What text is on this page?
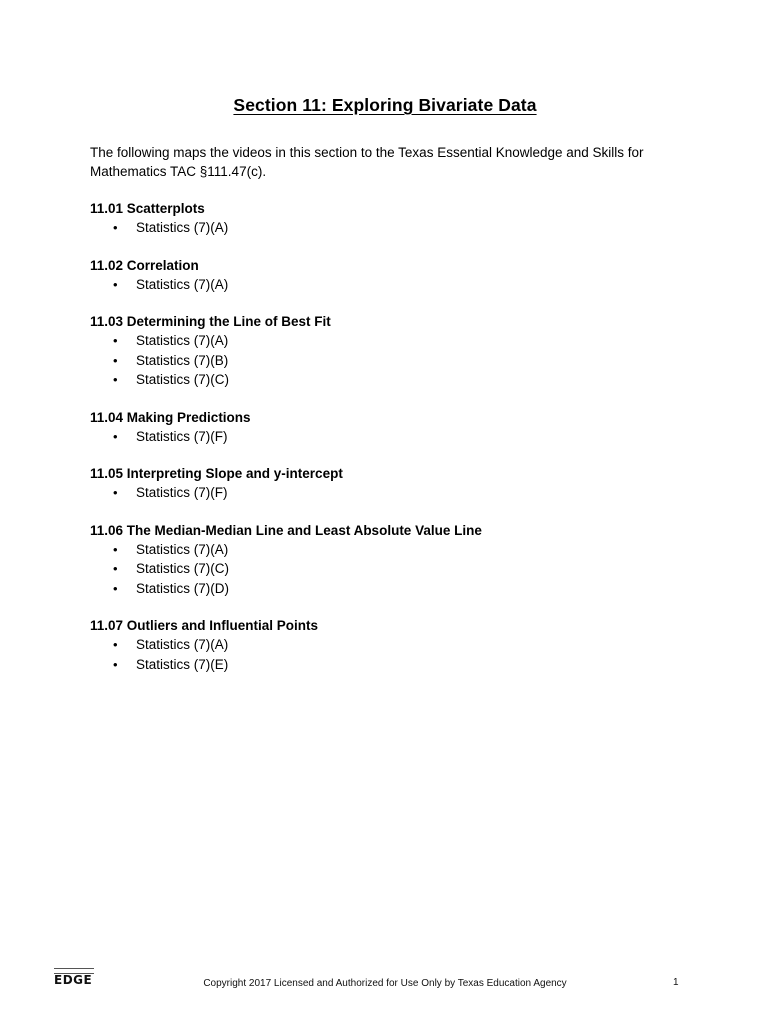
Section 11: Exploring Bivariate Data
The following maps the videos in this section to the Texas Essential Knowledge and Skills for Mathematics TAC §111.47(c).
11.01 Scatterplots
• Statistics (7)(A)
11.02 Correlation
• Statistics (7)(A)
11.03 Determining the Line of Best Fit
• Statistics (7)(A)
• Statistics (7)(B)
• Statistics (7)(C)
11.04 Making Predictions
• Statistics (7)(F)
11.05 Interpreting Slope and y-intercept
• Statistics (7)(F)
11.06 The Median-Median Line and Least Absolute Value Line
• Statistics (7)(A)
• Statistics (7)(C)
• Statistics (7)(D)
11.07 Outliers and Influential Points
• Statistics (7)(A)
• Statistics (7)(E)
EDGE	Copyright 2017 Licensed and Authorized for Use Only by Texas Education Agency	1
